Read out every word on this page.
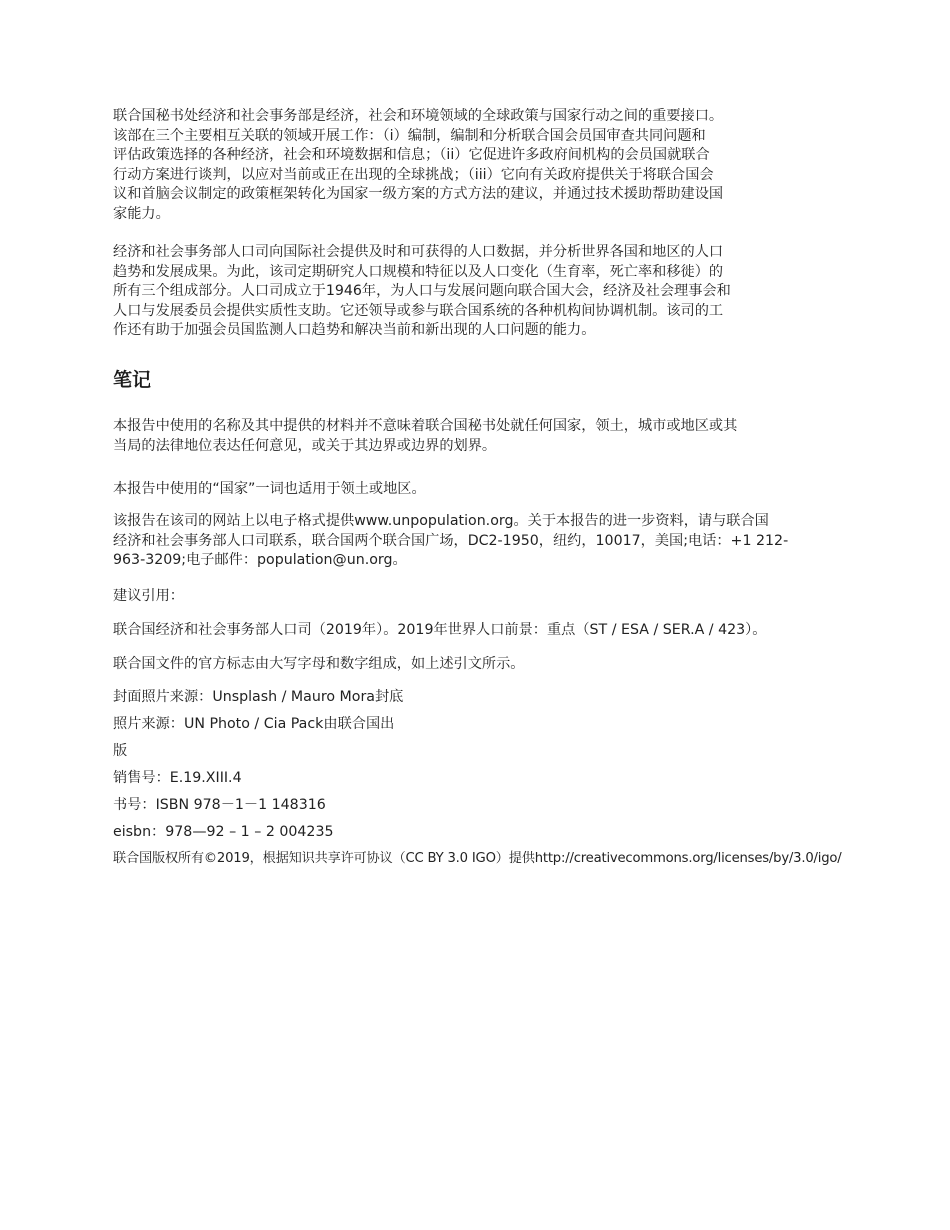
联合国秘书处经济和社会事务部是经济，社会和环境领域的全球政策与国家行动之间的重要接口。
该部在三个主要相互关联的领域开展工作：（i）编制，编制和分析联合国会员国审查共同问题和
评估政策选择的各种经济，社会和环境数据和信息；（ii）它促进许多政府间机构的会员国就联合
行动方案进行谈判，以应对当前或正在出现的全球挑战；（iii）它向有关政府提供关于将联合国会
议和首脑会议制定的政策框架转化为国家一级方案的方式方法的建议，并通过技术援助帮助建设国
家能力。
经济和社会事务部人口司向国际社会提供及时和可获得的人口数据，并分析世界各国和地区的人口
趋势和发展成果。为此，该司定期研究人口规模和特征以及人口变化（生育率，死亡率和移徙）的
所有三个组成部分。人口司成立于1946年，为人口与发展问题向联合国大会，经济及社会理事会和
人口与发展委员会提供实质性支助。它还领导或参与联合国系统的各种机构间协调机制。该司的工
作还有助于加强会员国监测人口趋势和解决当前和新出现的人口问题的能力。
笔记
本报告中使用的名称及其中提供的材料并不意味着联合国秘书处就任何国家，领土，城市或地区或其
当局的法律地位表达任何意见，或关于其边界或边界的划界。

本报告中使用的“国家”一词也适用于领土或地区。

该报告在该司的网站上以电子格式提供www.unpopulation.org。关于本报告的进一步资料，请与联合国
经济和社会事务部人口司联系，联合国两个联合国广场，DC2-1950，纽约，10017，美国;电话：+1 212-
963-3209;电子邮件：population@un.org。

建议引用：

联合国经济和社会事务部人口司（2019年）。2019年世界人口前景：重点（ST / ESA / SER.A / 423）。

联合国文件的官方标志由大写字母和数字组成，如上述引文所示。

封面照片来源：Unsplash / Mauro Mora封底

照片来源：UN Photo / Cia Pack由联合国出

版

销售号：E.19.XIII.4

书号：ISBN 978－1－1 148316

eisbn：978—92 – 1 – 2 004235

联合国版权所有©2019，根据知识共享许可协议（CC BY 3.0 IGO）提供http://creativecommons.org/licenses/by/3.0/igo/
